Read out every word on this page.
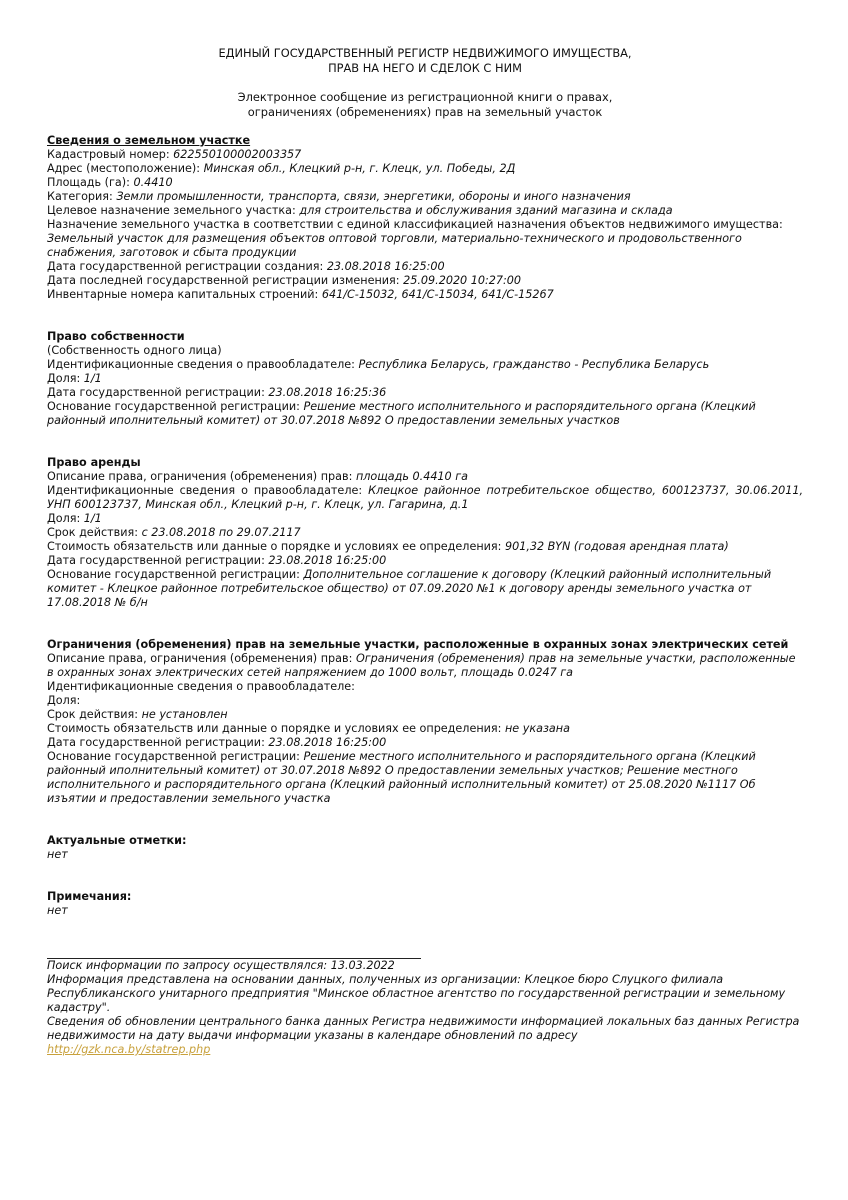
ЕДИНЫЙ ГОСУДАРСТВЕННЫЙ РЕГИСТР НЕДВИЖИМОГО ИМУЩЕСТВА,
ПРАВ НА НЕГО И СДЕЛОК С НИМ
Электронное сообщение из регистрационной книги о правах,
ограничениях (обременениях) прав на земельный участок
Сведения о земельном участке
Кадастровый номер: 622550100002003357
Адрес (местоположение): Минская обл., Клецкий р-н, г. Клецк, ул. Победы, 2Д
Площадь (га): 0.4410
Категория: Земли промышленности, транспорта, связи, энергетики, обороны и иного назначения
Целевое назначение земельного участка: для строительства и обслуживания зданий магазина и склада
Назначение земельного участка в соответствии с единой классификацией назначения объектов недвижимого имущества: Земельный участок для размещения объектов оптовой торговли, материально-технического и продовольственного снабжения, заготовок и сбыта продукции
Дата государственной регистрации создания: 23.08.2018 16:25:00
Дата последней государственной регистрации изменения: 25.09.2020 10:27:00
Инвентарные номера капитальных строений: 641/C-15032, 641/C-15034, 641/C-15267
Право собственности
(Собственность одного лица)
Идентификационные сведения о правообладателе: Республика Беларусь, гражданство - Республика Беларусь
Доля: 1/1
Дата государственной регистрации: 23.08.2018 16:25:36
Основание государственной регистрации: Решение местного исполнительного и распорядительного органа (Клецкий районный иполнительный комитет) от 30.07.2018 №892 О предоставлении земельных участков
Право аренды
Описание права, ограничения (обременения) прав: площадь 0.4410 га
Идентификационные сведения о правообладателе: Клецкое районное потребительское общество, 600123737, 30.06.2011, УНП 600123737, Минская обл., Клецкий р-н, г. Клецк, ул. Гагарина, д.1
Доля: 1/1
Срок действия: с 23.08.2018 по 29.07.2117
Стоимость обязательств или данные о порядке и условиях ее определения: 901,32 BYN (годовая арендная плата)
Дата государственной регистрации: 23.08.2018 16:25:00
Основание государственной регистрации: Дополнительное соглашение к договору (Клецкий районный исполнительный комитет - Клецкое районное потребительское общество) от 07.09.2020 №1 к договору аренды земельного участка от 17.08.2018 № б/н
Ограничения (обременения) прав на земельные участки, расположенные в охранных зонах электрических сетей
Описание права, ограничения (обременения) прав: Ограничения (обременения) прав на земельные участки, расположенные в охранных зонах электрических сетей напряжением до 1000 вольт, площадь 0.0247 га
Идентификационные сведения о правообладателе:
Доля:
Срок действия: не установлен
Стоимость обязательств или данные о порядке и условиях ее определения: не указана
Дата государственной регистрации: 23.08.2018 16:25:00
Основание государственной регистрации: Решение местного исполнительного и распорядительного органа (Клецкий районный иполнительный комитет) от 30.07.2018 №892 О предоставлении земельных участков; Решение местного исполнительного и распорядительного органа (Клецкий районный исполнительный комитет) от 25.08.2020 №1117 Об изъятии и предоставлении земельного участка
Актуальные отметки:
нет
Примечания:
нет
Поиск информации по запросу осуществлялся: 13.03.2022
Информация представлена на основании данных, полученных из организации: Клецкое бюро Слуцкого филиала Республиканского унитарного предприятия "Минское областное агентство по государственной регистрации и земельному кадастру".
Сведения об обновлении центрального банка данных Регистра недвижимости информацией локальных баз данных Регистра недвижимости на дату выдачи информации указаны в календаре обновлений по адресу
http://gzk.nca.by/statrep.php
